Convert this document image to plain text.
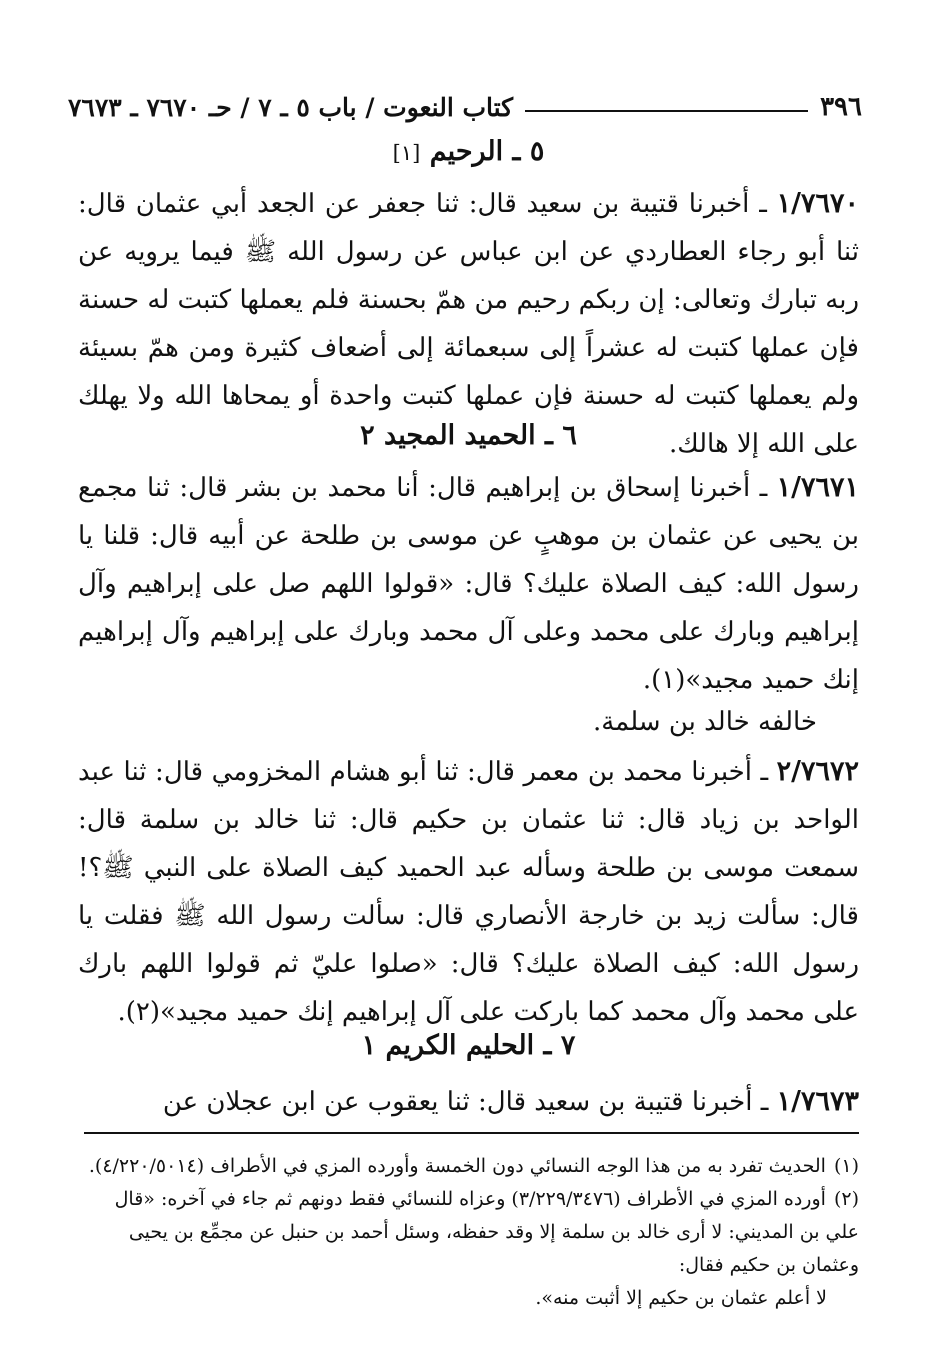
٣٩٦
كتاب النعوت / باب ٥ ـ ٧ / حـ ٧٦٧٠ ـ ٧٦٧٣
٥ ـ الرحيم [١]
١/٧٦٧٠ ـ أخبرنا قتيبة بن سعيد قال: ثنا جعفر عن الجعد أبي عثمان قال: ثنا أبو رجاء العطاردي عن ابن عباس عن رسول الله ﷺ فيما يرويه عن ربه تبارك وتعالى: إن ربكم رحيم من همّ بحسنة فلم يعملها كتبت له حسنة فإن عملها كتبت له عشراً إلى سبعمائة إلى أضعاف كثيرة ومن همّ بسيئة ولم يعملها كتبت له حسنة فإن عملها كتبت واحدة أو يمحاها الله ولا يهلك على الله إلا هالك.
٦ ـ الحميد المجيد ٢
١/٧٦٧١ ـ أخبرنا إسحاق بن إبراهيم قال: أنا محمد بن بشر قال: ثنا مجمع بن يحيى عن عثمان بن موهبٍ عن موسى بن طلحة عن أبيه قال: قلنا يا رسول الله: كيف الصلاة عليك؟ قال: «قولوا اللهم صل على إبراهيم وآل إبراهيم وبارك على محمد وعلى آل محمد وبارك على إبراهيم وآل إبراهيم إنك حميد مجيد»(١).
خالفه خالد بن سلمة.
٢/٧٦٧٢ ـ أخبرنا محمد بن معمر قال: ثنا أبو هشام المخزومي قال: ثنا عبد الواحد بن زياد قال: ثنا عثمان بن حكيم قال: ثنا خالد بن سلمة قال: سمعت موسى بن طلحة وسأله عبد الحميد كيف الصلاة على النبي ﷺ؟! قال: سألت زيد بن خارجة الأنصاري قال: سألت رسول الله ﷺ فقلت يا رسول الله: كيف الصلاة عليك؟ قال: «صلوا عليّ ثم قولوا اللهم بارك على محمد وآل محمد كما باركت على آل إبراهيم إنك حميد مجيد»(٢).
٧ ـ الحليم الكريم ١
١/٧٦٧٣ ـ أخبرنا قتيبة بن سعيد قال: ثنا يعقوب عن ابن عجلان عن
(١)الحديث تفرد به من هذا الوجه النسائي دون الخمسة وأورده المزي في الأطراف (٤/٢٢٠/٥٠١٤).
(٢)أورده المزي في الأطراف (٣/٢٢٩/٣٤٧٦) وعزاه للنسائي فقط دونهم ثم جاء في آخره: «قال علي بن المديني: لا أرى خالد بن سلمة إلا وقد حفظه، وسئل أحمد بن حنبل عن مجمِّع بن يحيى وعثمان بن حكيم فقال:
لا أعلم عثمان بن حكيم إلا أثبت منه».
